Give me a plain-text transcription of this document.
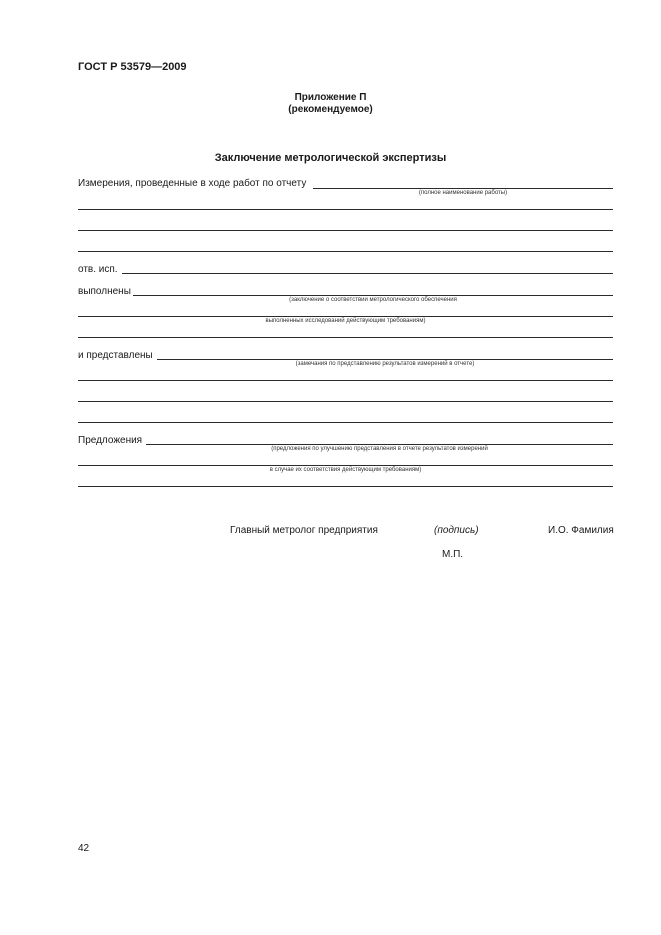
ГОСТ Р 53579—2009
Приложение П
(рекомендуемое)
Заключение метрологической экспертизы
Измерения, проведенные в ходе работ по отчету
(полное наименование работы)
отв. исп.
выполнены
(заключение о соответствии метрологического обеспечения
выполненных исследований действующим требованиям)
и представлены
(замечания по представлению результатов измерений в отчете)
Предложения
(предложения по улучшению представления в отчете результатов измерений
в случае их соответствия действующим требованиям)
Главный метролог предприятия	(подпись)	И.О. Фамилия
М.П.
42
